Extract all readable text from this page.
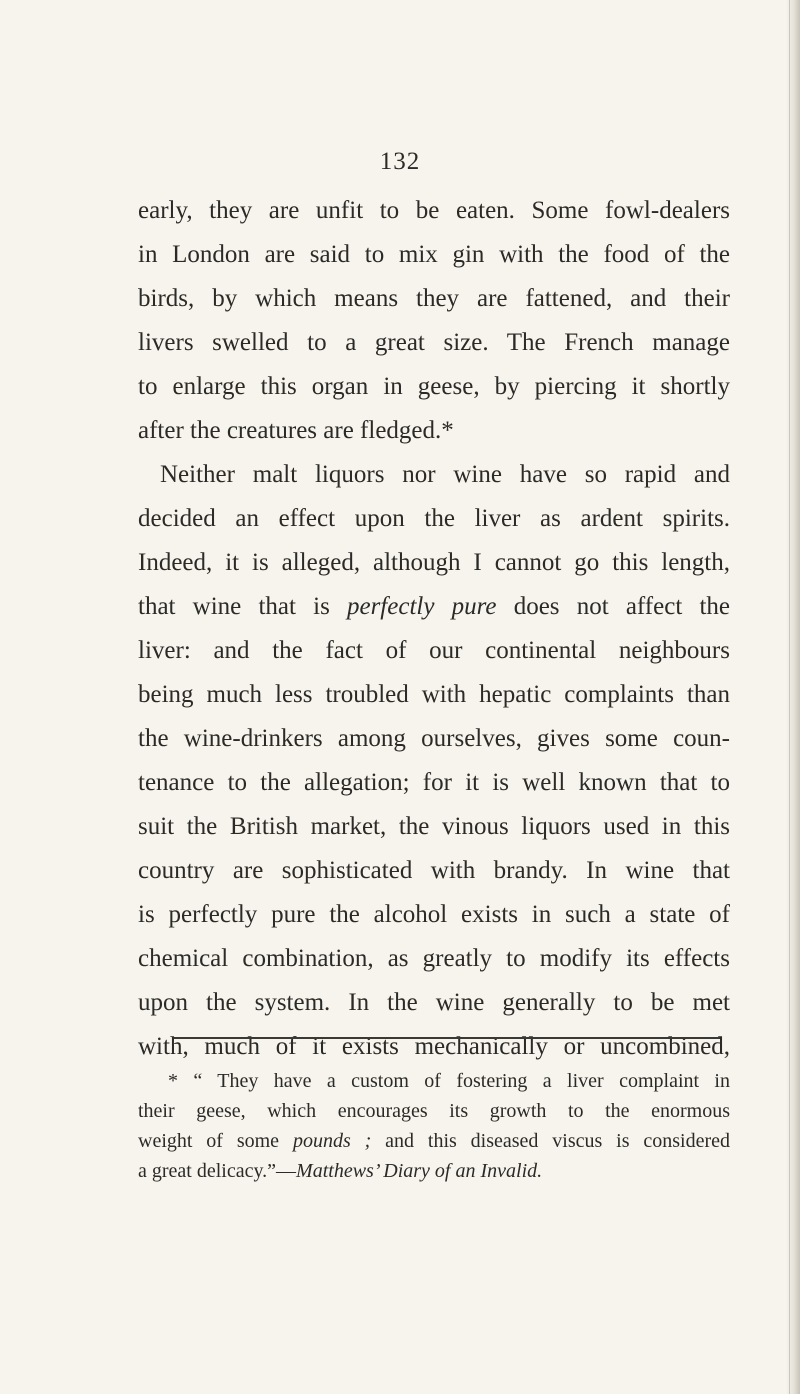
132
early, they are unfit to be eaten. Some fowl-dealers
in London are said to mix gin with the food of the
birds, by which means they are fattened, and their
livers swelled to a great size. The French manage
to enlarge this organ in geese, by piercing it shortly
after the creatures are fledged.*
Neither malt liquors nor wine have so rapid and
decided an effect upon the liver as ardent spirits.
Indeed, it is alleged, although I cannot go this length,
that wine that is perfectly pure does not affect the
liver: and the fact of our continental neighbours
being much less troubled with hepatic complaints than
the wine-drinkers among ourselves, gives some coun-
tenance to the allegation; for it is well known that to
suit the British market, the vinous liquors used in this
country are sophisticated with brandy. In wine that
is perfectly pure the alcohol exists in such a state of
chemical combination, as greatly to modify its effects
upon the system. In the wine generally to be met
with, much of it exists mechanically or uncombined,
* “ They have a custom of fostering a liver complaint in
their geese, which encourages its growth to the enormous
weight of some pounds ; and this diseased viscus is considered
a great delicacy.”—Matthews’ Diary of an Invalid.
